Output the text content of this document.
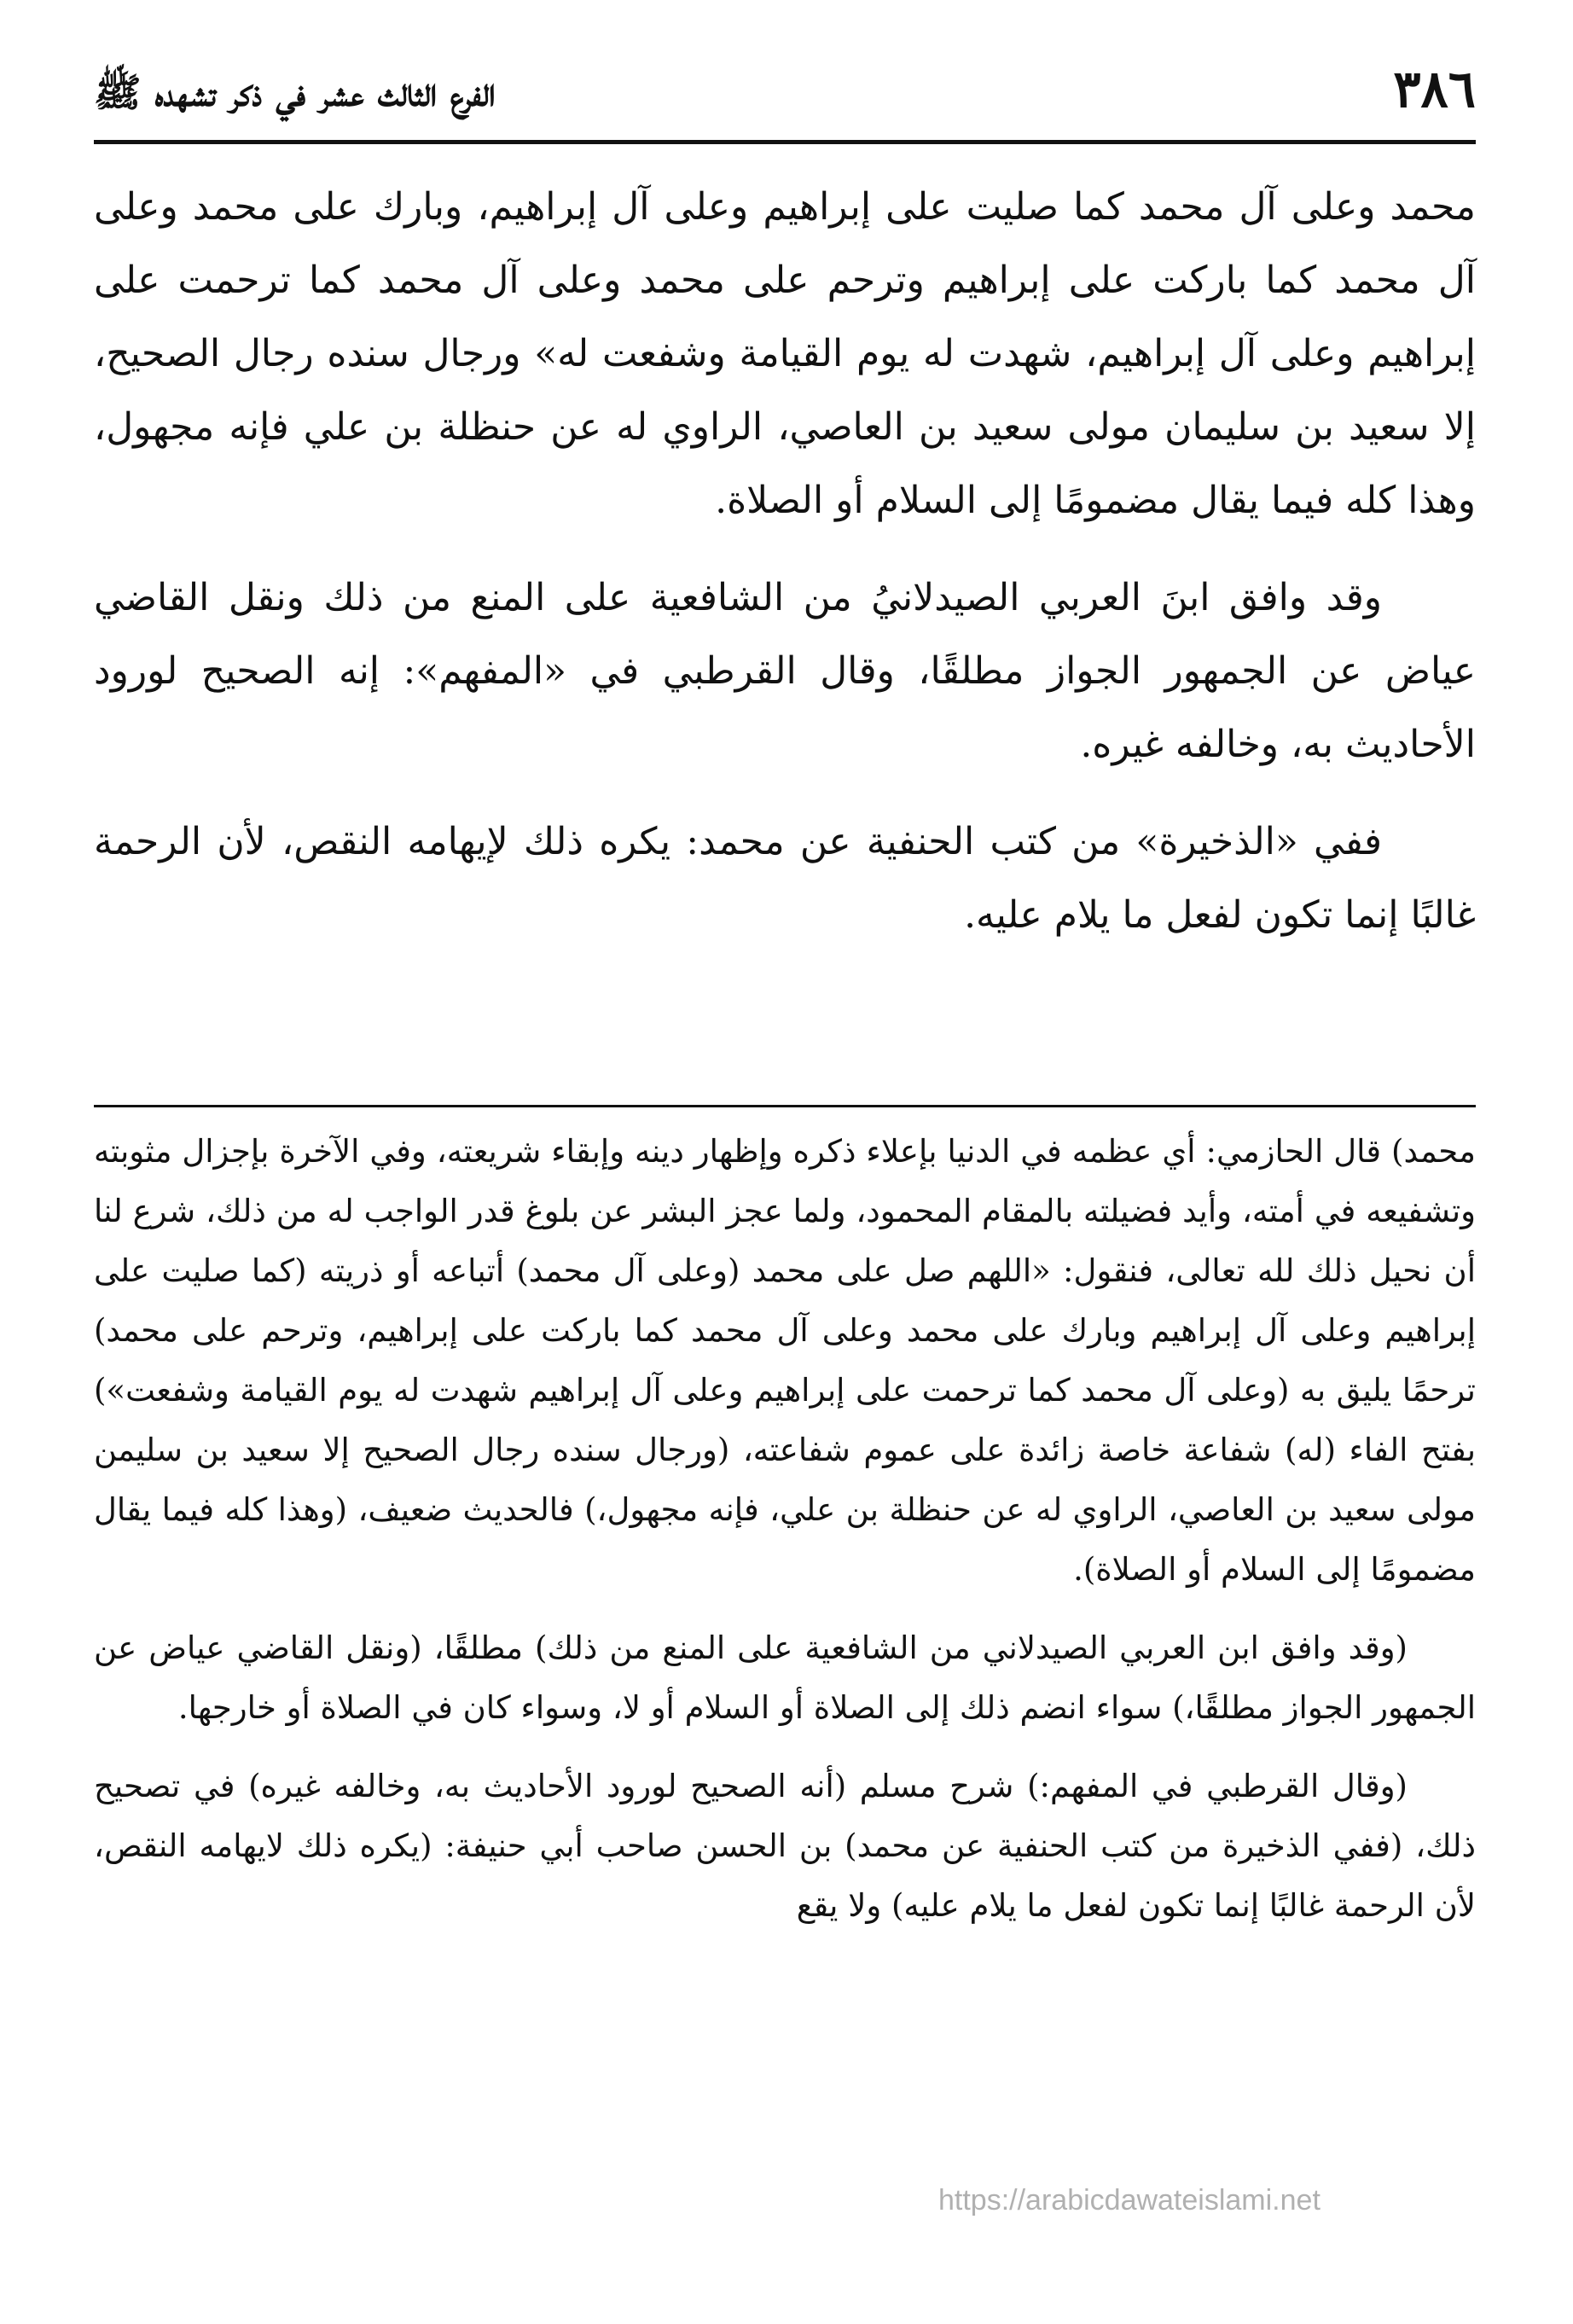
٣٨٦
الفرع الثالث عشر في ذكر تشهده ﷺ

محمد وعلى آل محمد كما صليت على إبراهيم وعلى آل إبراهيم، وبارك على محمد وعلى آل محمد كما باركت على إبراهيم وترحم على محمد وعلى آل محمد كما ترحمت على إبراهيم وعلى آل إبراهيم، شهدت له يوم القيامة وشفعت له» ورجال سنده رجال الصحيح، إلا سعيد بن سليمان مولى سعيد بن العاصي، الراوي له عن حنظلة بن علي فإنه مجهول، وهذا كله فيما يقال مضمومًا إلى السلام أو الصلاة.

وقد وافق ابنَ العربي الصيدلانيُ من الشافعية على المنع من ذلك ونقل القاضي عياض عن الجمهور الجواز مطلقًا، وقال القرطبي في «المفهم»: إنه الصحيح لورود الأحاديث به، وخالفه غيره.

ففي «الذخيرة» من كتب الحنفية عن محمد: يكره ذلك لإيهامه النقص، لأن الرحمة غالبًا إنما تكون لفعل ما يلام عليه.

محمد) قال الحازمي: أي عظمه في الدنيا بإعلاء ذكره وإظهار دينه وإبقاء شريعته، وفي الآخرة بإجزال مثوبته وتشفيعه في أمته، وأيد فضيلته بالمقام المحمود، ولما عجز البشر عن بلوغ قدر الواجب له من ذلك، شرع لنا أن نحيل ذلك لله تعالى، فنقول: «اللهم صل على محمد (وعلى آل محمد) أتباعه أو ذريته (كما صليت على إبراهيم وعلى آل إبراهيم وبارك على محمد وعلى آل محمد كما باركت على إبراهيم، وترحم على محمد) ترحمًا يليق به (وعلى آل محمد كما ترحمت على إبراهيم وعلى آل إبراهيم شهدت له يوم القيامة وشفعت») بفتح الفاء (له) شفاعة خاصة زائدة على عموم شفاعته، (ورجال سنده رجال الصحيح إلا سعيد بن سليمن مولى سعيد بن العاصي، الراوي له عن حنظلة بن علي، فإنه مجهول،) فالحديث ضعيف، (وهذا كله فيما يقال مضمومًا إلى السلام أو الصلاة).

(وقد وافق ابن العربي الصيدلاني من الشافعية على المنع من ذلك) مطلقًا، (ونقل القاضي عياض عن الجمهور الجواز مطلقًا،) سواء انضم ذلك إلى الصلاة أو السلام أو لا، وسواء كان في الصلاة أو خارجها.

(وقال القرطبي في المفهم:) شرح مسلم (أنه الصحيح لورود الأحاديث به، وخالفه غيره) في تصحيح ذلك، (ففي الذخيرة من كتب الحنفية عن محمد) بن الحسن صاحب أبي حنيفة: (يكره ذلك لايهامه النقص، لأن الرحمة غالبًا إنما تكون لفعل ما يلام عليه) ولا يقع

https://arabicdawateislami.net
